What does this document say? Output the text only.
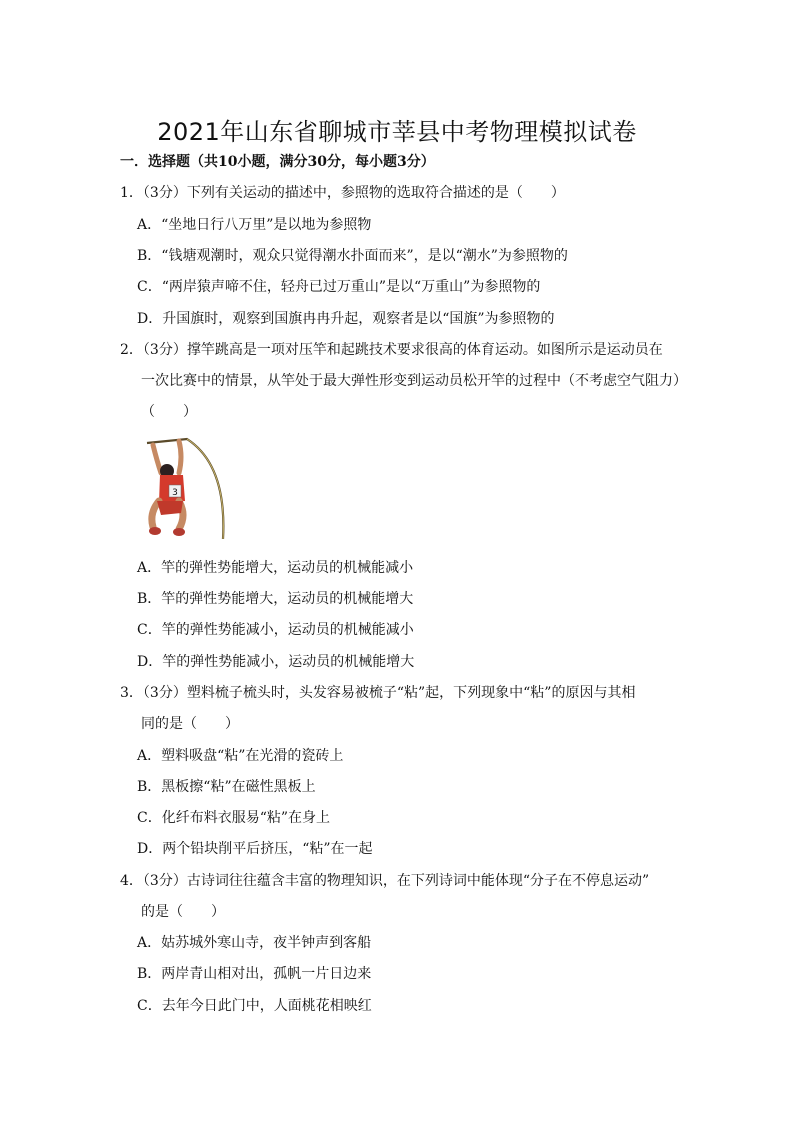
2021年山东省聊城市莘县中考物理模拟试卷
一．选择题（共10小题，满分30分，每小题3分）
1．（3分）下列有关运动的描述中，参照物的选取符合描述的是（　　）
A．“坐地日行八万里”是以地为参照物
B．“钱塘观潮时，观众只觉得潮水扑面而来”，是以“潮水”为参照物的
C．“两岸猿声啼不住，轻舟已过万重山”是以“万重山”为参照物的
D．升国旗时，观察到国旗冉冉升起，观察者是以“国旗”为参照物的
2．（3分）撑竿跳高是一项对压竿和起跳技术要求很高的体育运动。如图所示是运动员在
一次比赛中的情景，从竿处于最大弹性形变到运动员松开竿的过程中（不考虑空气阻力）
（　　）
3
A．竿的弹性势能增大，运动员的机械能减小
B．竿的弹性势能增大，运动员的机械能增大
C．竿的弹性势能减小，运动员的机械能减小
D．竿的弹性势能减小，运动员的机械能增大
3．（3分）塑料梳子梳头时，头发容易被梳子“粘”起，下列现象中“粘”的原因与其相
同的是（　　）
A．塑料吸盘“粘”在光滑的瓷砖上
B．黑板擦“粘”在磁性黑板上
C．化纤布料衣服易“粘”在身上
D．两个铅块削平后挤压，“粘”在一起
4．（3分）古诗词往往蕴含丰富的物理知识，在下列诗词中能体现“分子在不停息运动”
的是（　　）
A．姑苏城外寒山寺，夜半钟声到客船
B．两岸青山相对出，孤帆一片日边来
C．去年今日此门中，人面桃花相映红
